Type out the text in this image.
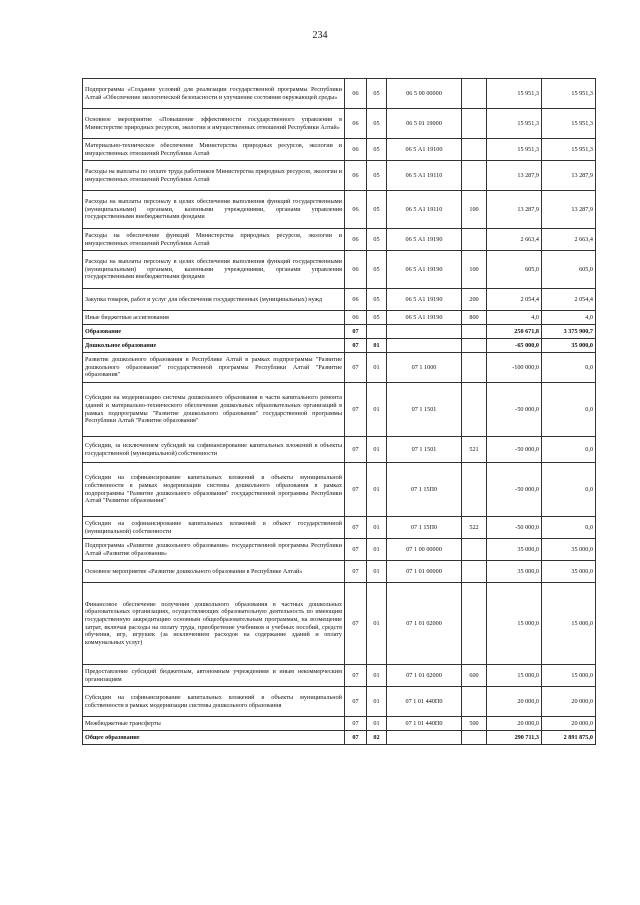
234
Подпрограмма «Создание условий для реализации государственной программы Республики Алтай «Обеспечение экологической безопасности и улучшение состояния окружающей среды»	06	05	06 5 00 00000		15 951,3	15 951,3
Основное мероприятие «Повышение эффективности государственного управления в Министерстве природных ресурсов, экологии и имущественных отношений Республики Алтай»	06	05	06 5 01 19000		15 951,3	15 951,3
Материально-техническое обеспечение Министерства природных ресурсов, экологии и имущественных отношений Республики Алтай	06	05	06 5 А1 19100		15 951,3	15 951,3
Расходы на выплаты по оплате труда работников Министерства природных ресурсов, экологии и имущественных отношений Республики Алтай	06	05	06 5 А1 19110		13 287,9	13 287,9
Расходы на выплаты персоналу в целях обеспечения выполнения функций государственными (муниципальными) органами, казенными учреждениями, органами управления государственными внебюджетными фондами	06	05	06 5 А1 19110	100	13 287,9	13 287,9
Расходы на обеспечение функций Министерства природных ресурсов, экологии и имущественных отношений Республики Алтай	06	05	06 5 А1 19190		2 663,4	2 663,4
Расходы на выплаты персоналу в целях обеспечения выполнения функций государственными (муниципальными) органами, казенными учреждениями, органами управления государственными внебюджетными фондами	06	05	06 5 А1 19190	100	605,0	605,0
Закупка товаров, работ и услуг для обеспечения государственных (муниципальных) нужд	06	05	06 5 А1 19190	200	2 054,4	2 054,4
Иные бюджетные ассигнования	06	05	06 5 А1 19190	800	4,0	4,0
Образование	07				250 671,8	3 375 900,7
Дошкольное образование	07	01			-65 000,0	35 000,0
Развитие дошкольного образования в Республике Алтай в рамках подпрограммы "Развитие дошкольного образования" государственной программы Республики Алтай "Развитие образования"	07	01	07 1 1000		-100 000,0	0,0
Субсидии на модернизацию системы дошкольного образования в части капитального ремонта зданий и материально-технического обеспечения дошкольных образовательных организаций в рамках подпрограммы "Развитие дошкольного образования" государственной программы Республики Алтай "Развитие образования"	07	01	07 1 1501		-50 000,0	0,0
Субсидии, за исключением субсидий на софинансирование капитальных вложений в объекты государственной (муниципальной) собственности	07	01	07 1 1501	521	-50 000,0	0,0
Субсидии на софинансирование капитальных вложений в объекты муниципальной собственности в рамках модернизации системы дошкольного образования в рамках подпрограммы "Развитие дошкольного образования" государственной программы Республики Алтай "Развитие образования"	07	01	07 1 15П0		-50 000,0	0,0
Субсидии на софинансирование капитальных вложений в объект государственной (муниципальной) собственности	07	01	07 1 15П0	522	-50 000,0	0,0
Подпрограмма «Развитие дошкольного образования» государственной программы Республики Алтай «Развитие образования»	07	01	07 1 00 00000		35 000,0	35 000,0
Основное мероприятие «Развитие дошкольного образования в Республике Алтай»	07	01	07 1 01 00000		35 000,0	35 000,0
Финансовое обеспечение получения дошкольного образования в частных дошкольных образовательных организациях, осуществляющих образовательную деятельность по имеющим государственную аккредитацию основным общеобразовательным программам, на возмещение затрат, включая расходы на оплату труда, приобретение учебников и учебных пособий, средств обучения, игр, игрушек (за исключением расходов на содержание зданий и оплату коммунальных услуг)	07	01	07 1 01 02000		15 000,0	15 000,0
Предоставление субсидий бюджетным, автономным учреждениям и иным некоммерческим организациям	07	01	07 1 01 02000	600	15 000,0	15 000,0
Субсидии на софинансирование капитальных вложений в объекты муниципальной собственности в рамках модернизации системы дошкольного образования	07	01	07 1 01 440П0		20 000,0	20 000,0
Межбюджетные трансферты	07	01	07 1 01 440П0	500	20 000,0	20 000,0
Общее образование	07	02			290 711,3	2 891 875,0
